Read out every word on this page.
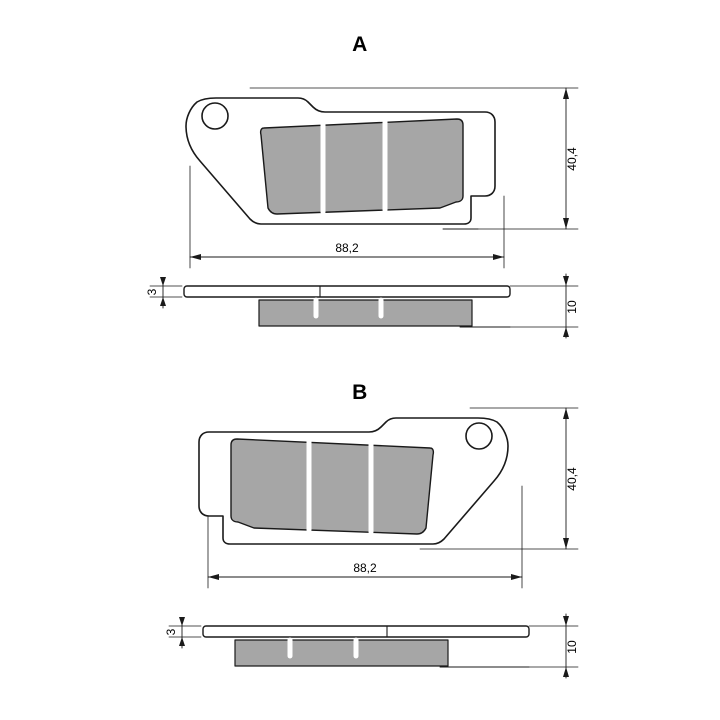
A
88,2
40,4
3
10
B
88,2
40,4
3
10
